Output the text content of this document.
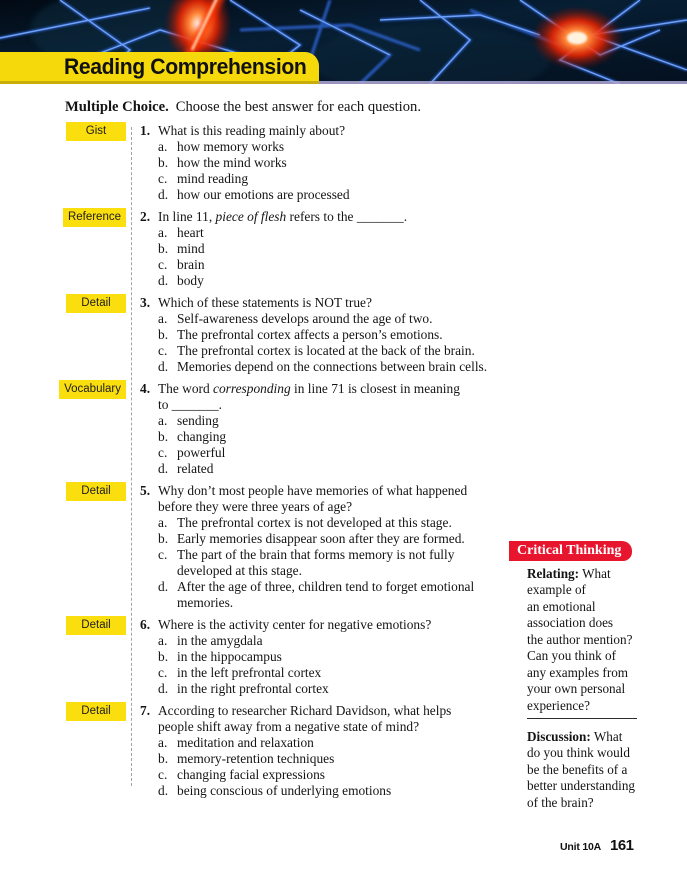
Reading Comprehension
Multiple Choice. Choose the best answer for each question.
Gist	1. What is this reading mainly about?
a. how memory works
b. how the mind works
c. mind reading
d. how our emotions are processed
Reference	2. In line 11, piece of flesh refers to the _______.
a. heart
b. mind
c. brain
d. body
Detail	3. Which of these statements is NOT true?
a. Self-awareness develops around the age of two.
b. The prefrontal cortex affects a person’s emotions.
c. The prefrontal cortex is located at the back of the brain.
d. Memories depend on the connections between brain cells.
Vocabulary	4. The word corresponding in line 71 is closest in meaning
to _______.
a. sending
b. changing
c. powerful
d. related
Detail	5. Why don’t most people have memories of what happened
before they were three years of age?
a. The prefrontal cortex is not developed at this stage.
b. Early memories disappear soon after they are formed.
c. The part of the brain that forms memory is not fully
developed at this stage.
d. After the age of three, children tend to forget emotional
memories.
Detail	6. Where is the activity center for negative emotions?
a. in the amygdala
b. in the hippocampus
c. in the left prefrontal cortex
d. in the right prefrontal cortex
Detail	7. According to researcher Richard Davidson, what helps
people shift away from a negative state of mind?
a. meditation and relaxation
b. memory-retention techniques
c. changing facial expressions
d. being conscious of underlying emotions
Critical Thinking
Relating: What
example of
an emotional
association does
the author mention?
Can you think of
any examples from
your own personal
experience?
Discussion: What
do you think would
be the benefits of a
better understanding
of the brain?
Unit 10A 161
